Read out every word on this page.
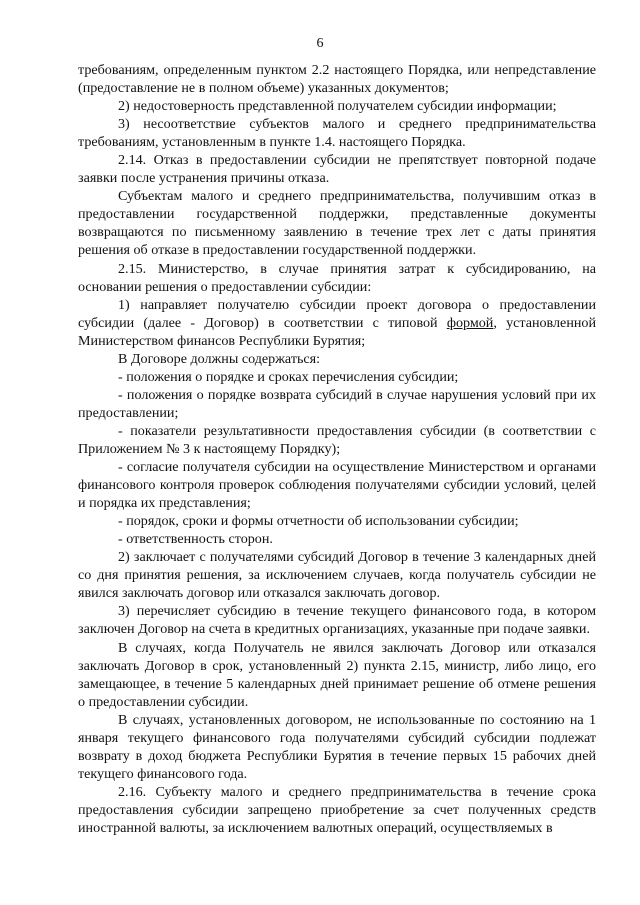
6

требованиям, определенным пунктом 2.2 настоящего Порядка, или непредставление (предоставление не в полном объеме) указанных документов;

2) недостоверность представленной получателем субсидии информации;

3) несоответствие субъектов малого и среднего предпринимательства требованиям, установленным в пункте 1.4. настоящего Порядка.

2.14. Отказ в предоставлении субсидии не препятствует повторной подаче заявки после устранения причины отказа.

Субъектам малого и среднего предпринимательства, получившим отказ в предоставлении государственной поддержки, представленные документы возвращаются по письменному заявлению в течение трех лет с даты принятия решения об отказе в предоставлении государственной поддержки.

2.15. Министерство, в случае принятия затрат к субсидированию, на основании решения о предоставлении субсидии:

1) направляет получателю субсидии проект договора о предоставлении субсидии (далее - Договор) в соответствии с типовой формой, установленной Министерством финансов Республики Бурятия;

В Договоре должны содержаться:

- положения о порядке и сроках перечисления субсидии;

- положения о порядке возврата субсидий в случае нарушения условий при их предоставлении;

- показатели результативности предоставления субсидии (в соответствии с Приложением № 3 к настоящему Порядку);

- согласие получателя субсидии на осуществление Министерством и органами финансового контроля проверок соблюдения получателями субсидии условий, целей и порядка их представления;

- порядок, сроки и формы отчетности об использовании субсидии;

- ответственность сторон.

2) заключает с получателями субсидий Договор в течение 3 календарных дней со дня принятия решения, за исключением случаев, когда получатель субсидии не явился заключать договор или отказался заключать договор.

3) перечисляет субсидию в течение текущего финансового года, в котором заключен Договор на счета в кредитных организациях, указанные при подаче заявки.

В случаях, когда Получатель не явился заключать Договор или отказался заключать Договор в срок, установленный 2) пункта 2.15, министр, либо лицо, его замещающее, в течение 5 календарных дней принимает решение об отмене решения о предоставлении субсидии.

В случаях, установленных договором, не использованные по состоянию на 1 января текущего финансового года получателями субсидий субсидии подлежат возврату в доход бюджета Республики Бурятия в течение первых 15 рабочих дней текущего финансового года.

2.16. Субъекту малого и среднего предпринимательства в течение срока предоставления субсидии запрещено приобретение за счет полученных средств иностранной валюты, за исключением валютных операций, осуществляемых в
